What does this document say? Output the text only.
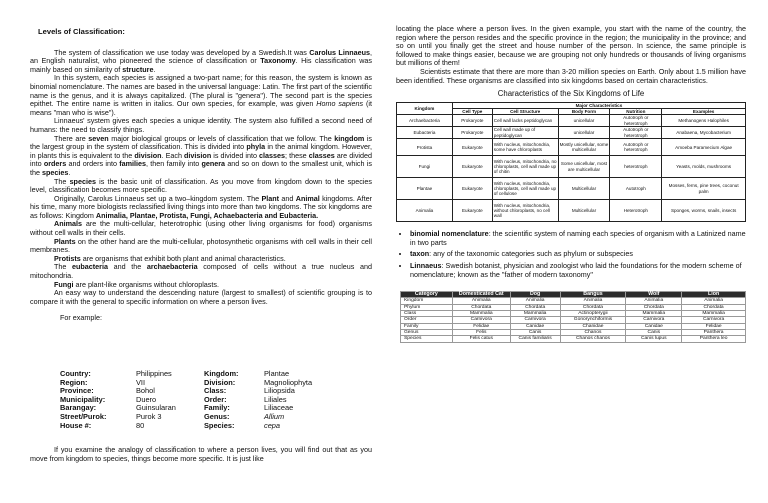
Levels of Classification:

The system of classification we use today was developed by a Swedish.It was Carolus Linnaeus, an English naturalist, who pioneered the science of classification or Taxonomy. His classification was mainly based on similarity of structure.

In this system, each species is assigned a two-part name; for this reason, the system is known as binomial nomenclature. The names are based in the universal language: Latin. The first part of the scientific name is the genus, and it is always capitalized. (The plural is "genera"). The second part is the species epithet. The entire name is written in italics. Our own species, for example, was given Homo sapiens (it means "man who is wise").

Linnaeus' system gives each species a unique identity. The system also fulfilled a second need of humans: the need to classify things.

There are seven major biological groups or levels of classification that we follow. The kingdom is the largest group in the system of classification. This is divided into phyla in the animal kingdom. However, in plants this is equivalent to the division. Each division is divided into classes; these classes are divided into orders and orders into families, then family into genera and so on down to the smallest unit, which is the species.

The species is the basic unit of classification. As you move from kingdom down to the species level, classification becomes more specific.

Originally, Carolus Linnaeus set up a two–kingdom system. The Plant and Animal kingdoms. After his time, many more biologists reclassified living things into more than two kingdoms. The six kingdoms are as follows: Kingdom Animalia, Plantae, Protista, Fungi, Achaebacteria and Eubacteria.

Animals are the multi-cellular, heterotrophic (using other living organisms for food) organisms without cell walls in their cells.

Plants on the other hand are the multi-cellular, photosynthetic organisms with cell walls in their cell membranes.

Protists are organisms that exhibit both plant and animal characteristics.

The eubacteria and the archaebacteria composed of cells without a true nucleus and mitochondria.

Fungi are plant-like organisms without chloroplasts.

An easy way to understand the descending nature (largest to smallest) of scientific grouping is to compare it with the general to specific information on where a person lives.

For example:

Country:	Philippines
Region:	VII
Province:	Bohol
Municipality:	Duero
Barangay:	Guinsularan
Street/Purok:	Purok 3
House #:	80
Kingdom:	Plantae
Division:	Magnoliophyta
Class:	Liliopsida
Order:	Liliales
Family:	Liliaceae
Genus:	Allium
Species:	cepa

If you examine the analogy of classification to where a person lives, you will find out that as you move from kingdom to species, things become more specific. It is just like

locating the place where a person lives. In the given example, you start with the name of the country, the region where the person resides and the specific province in the region; the municipality in the province; and so on until you finally get the street and house number of the person. In science, the same principle is followed to make things easier, because we are grouping not only hundreds or thousands of living organisms but millions of them!

Scientists estimate that there are more than 3-20 million species on Earth. Only about 1.5 million have been identified. These organisms are classified into six kingdoms based on certain characteristics.

Characteristics of the Six Kingdoms of Life
Kingdom	Major Characteristics				
	Cell Type	Cell Structure	Body Form	Nutrition	Examples
Archaebacteria	Prokaryote	Cell wall lacks peptidoglycan	unicellular	Autotroph or heterotroph	Methanogens Halophiles
Eubacteria	Prokaryote	Cell wall made up of peptidoglycan	unicellular	Autotroph or heterotroph	Anabaena, Mycobacterium
Protista	Eukaryote	With nucleus, mitochondria, some have chloroplasts	Mostly unicellular, some multicellular	Autotroph or heterotroph	Amoeba Paramecium Algae
Fungi	Eukaryote	With nucleus, mitochondria, no chloroplasts, cell wall made up of chitin	Some unicellular, most are multicellular	heterotroph	Yeasts, molds, mushrooms
Plantae	Eukaryote	With nucleus, mitochondria, chloroplasts, cell wall made up of cellulose	Multicellular	Autotroph	Mosses, ferns, pine trees, coconut palm
Animalia	Eukaryote	With nucleus, mitochondria, without chloroplasts, no cell wall	Multicellular	Heterotroph	Sponges, worms, snails, insects
• binomial nomenclature: the scientific system of naming each species of organism with a Latinized name in two parts
• taxon: any of the taxonomic categories such as phylum or subspecies
• Linnaeus: Swedish botanist, physician and zoologist who laid the foundations for the modern scheme of nomenclature; known as the "father of modern taxonomy"
Category	Domesticated Cat	Dog	Bangus	Wolf	Lion
Kingdom	Animalia	Animalia	Animalia	Animalia	Animalia
Phylum	Chordata	Chordata	Chordata	Chordata	Chordata
Class	Mammalia	Mammalia	Actinopterygii	Mammalia	Mammalia
Order	Carnivora	Carnivora	Gonorynchiformis	Carnivora	Carnivora
Family	Felidae	Canidae	Chanidae	Canidae	Felidae
Genus	Felis	Canis	Chanos	Canis	Panthera
Species	Felis catus	Canis familiaris	Chanos chanos	Canis lupus	Panthera leo
